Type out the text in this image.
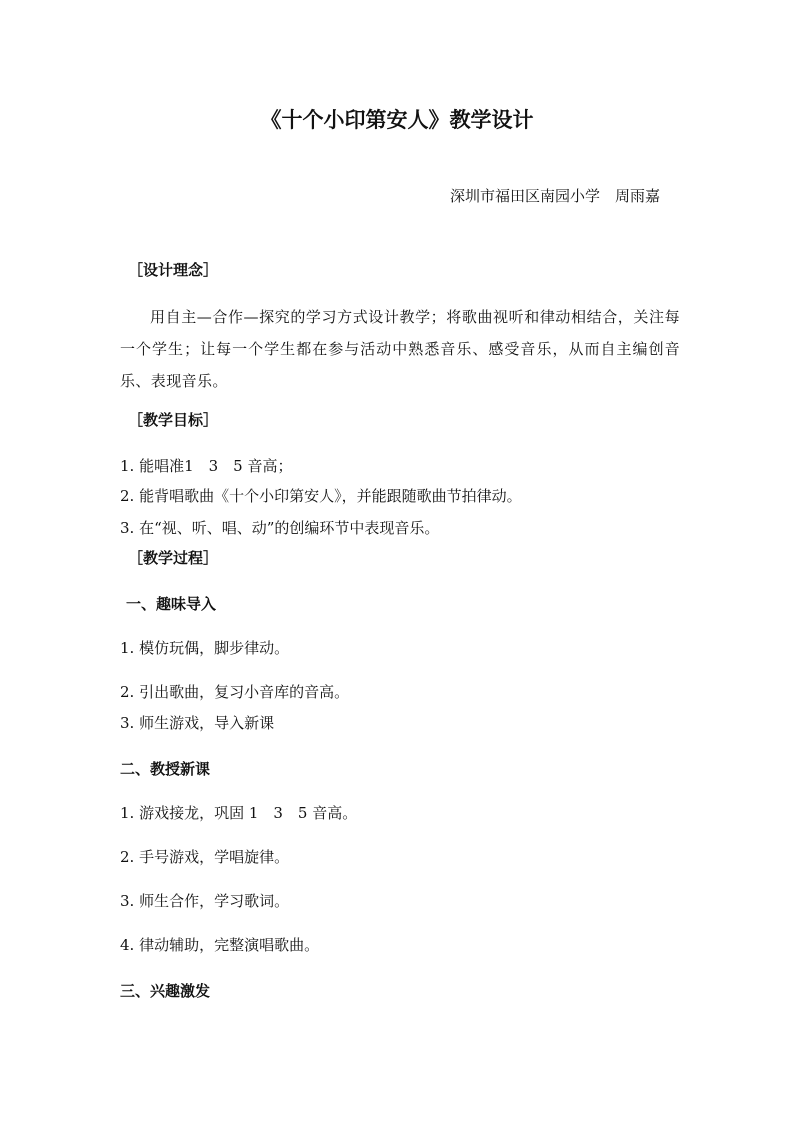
《十个小印第安人》教学设计

深圳市福田区南园小学　周雨嘉

［设计理念］

用自主—合作—探究的学习方式设计教学；将歌曲视听和律动相结合，关注每一个学生；让每一个学生都在参与活动中熟悉音乐、感受音乐，从而自主编创音乐、表现音乐。

［教学目标］

1. 能唱准1　3　5 音高；

2. 能背唱歌曲《十个小印第安人》，并能跟随歌曲节拍律动。

3. 在“视、听、唱、动”的创编环节中表现音乐。

［教学过程］

一、趣味导入

1. 模仿玩偶，脚步律动。

2. 引出歌曲，复习小音库的音高。

3. 师生游戏，导入新课

二、教授新课

1. 游戏接龙，巩固 1　3　5 音高。

2. 手号游戏，学唱旋律。

3. 师生合作，学习歌词。

4. 律动辅助，完整演唱歌曲。

三、兴趣激发
